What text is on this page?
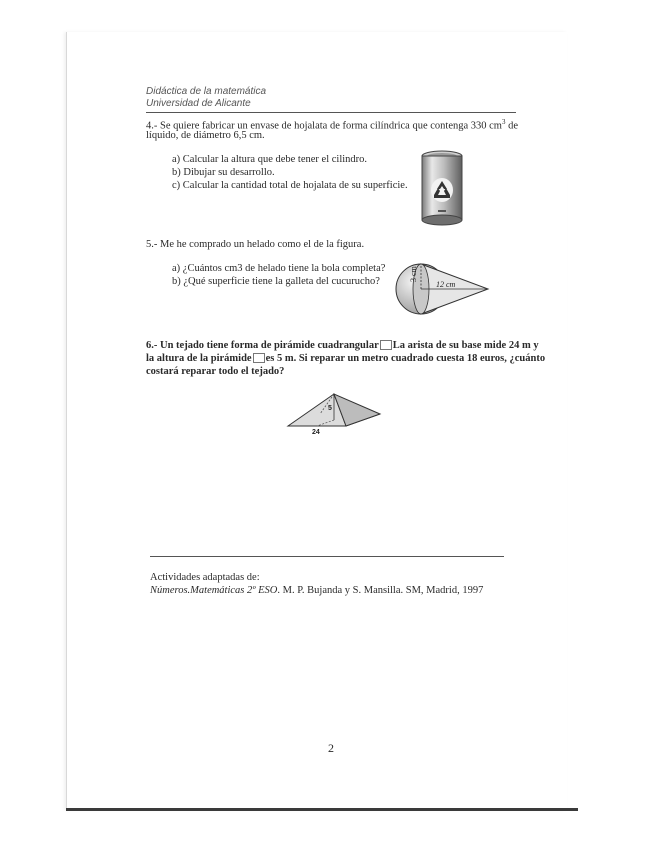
Didáctica de la matemática
Universidad de Alicante
4.- Se quiere fabricar un envase de hojalata de forma cilíndrica que contenga 330 $cm^3$ de
líquido, de diámetro 6,5 cm.
a) Calcular la altura que debe tener el cilindro.
b) Dibujar su desarrollo.
c) Calcular la cantidad total de hojalata de su superficie.
5.- Me he comprado un helado como el de la figura.
a) ¿Cuántos cm3 de helado tiene la bola completa?
b) ¿Qué superficie tiene la galleta del cucurucho?	3 cm
12 cm
6.- Un tejado tiene forma de pirámide cuadrangular La arista de su base mide 24 m y
la altura de la pirámide es 5 m. Si reparar un metro cuadrado cuesta 18 euros, ¿cuánto
costará reparar todo el tejado?
5
24
Actividades adaptadas de:
Números.Matemáticas 2º ESO. M. P. Bujanda y S. Mansilla. SM, Madrid, 1997
2
